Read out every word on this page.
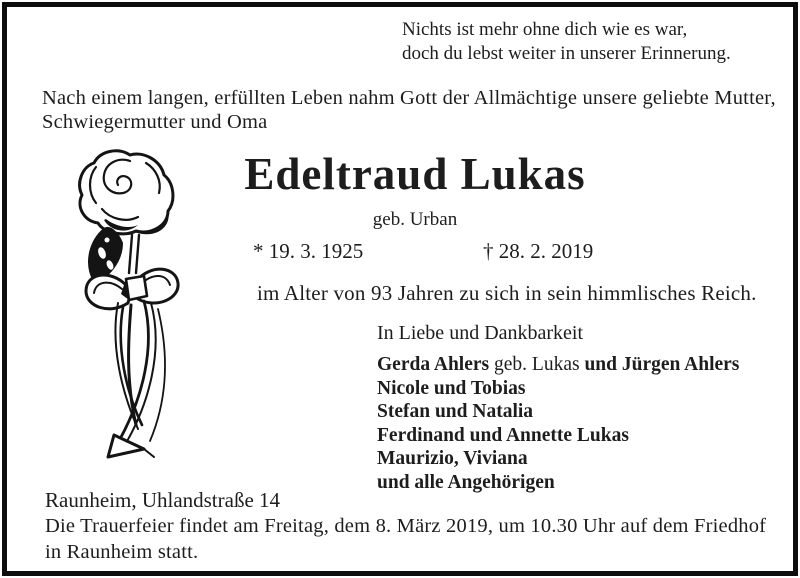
Nichts ist mehr ohne dich wie es war,
doch du lebst weiter in unserer Erinnerung.
Nach einem langen, erfüllten Leben nahm Gott der Allmächtige unsere geliebte Mutter,
Schwiegermutter und Oma
Edeltraud Lukas
geb. Urban
* 19. 3. 1925	† 28. 2. 2019
im Alter von 93 Jahren zu sich in sein himmlisches Reich.
In Liebe und Dankbarkeit
Gerda Ahlers geb. Lukas und Jürgen Ahlers
Nicole und Tobias
Stefan und Natalia
Ferdinand und Annette Lukas
Maurizio, Viviana
und alle Angehörigen
Raunheim, Uhlandstraße 14
Die Trauerfeier findet am Freitag, dem 8. März 2019, um 10.30 Uhr auf dem Friedhof
in Raunheim statt.
